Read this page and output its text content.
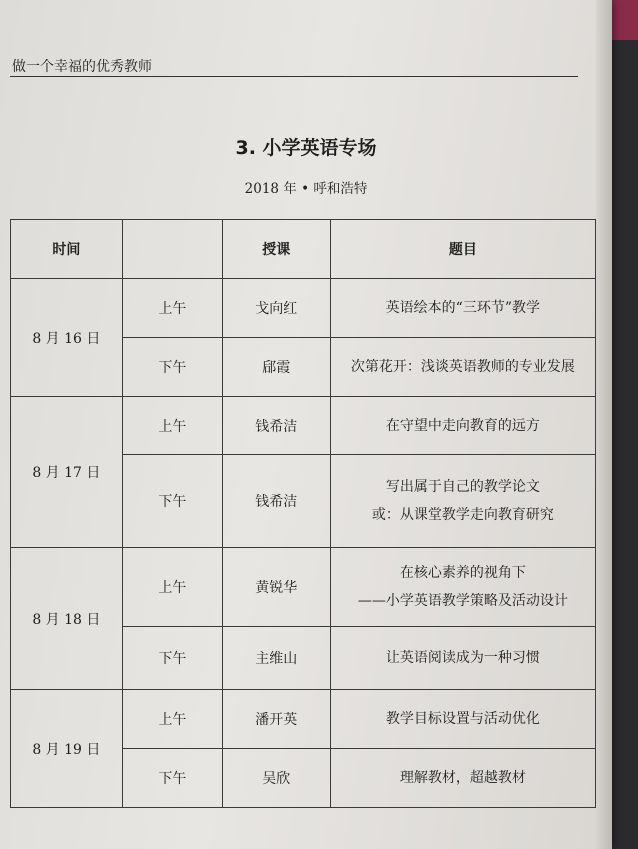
做一个幸福的优秀教师
3. 小学英语专场
2018 年 • 呼和浩特
时间		授课	题目
8 月 16 日	上午	戈向红	英语绘本的“三环节”教学

	下午	郈霞	次第花开：浅谈英语教师的专业发展

8 月 17 日	上午	钱希洁	在守望中走向教育的远方

	下午	钱希洁	写出属于自己的教学论文
或：从课堂教学走向教育研究

8 月 18 日	上午	黄锐华	在核心素养的视角下
——小学英语教学策略及活动设计

	下午	主维山	让英语阅读成为一种习惯

8 月 19 日	上午	潘开英	教学目标设置与活动优化

	下午	吴欣	理解教材，超越教材
